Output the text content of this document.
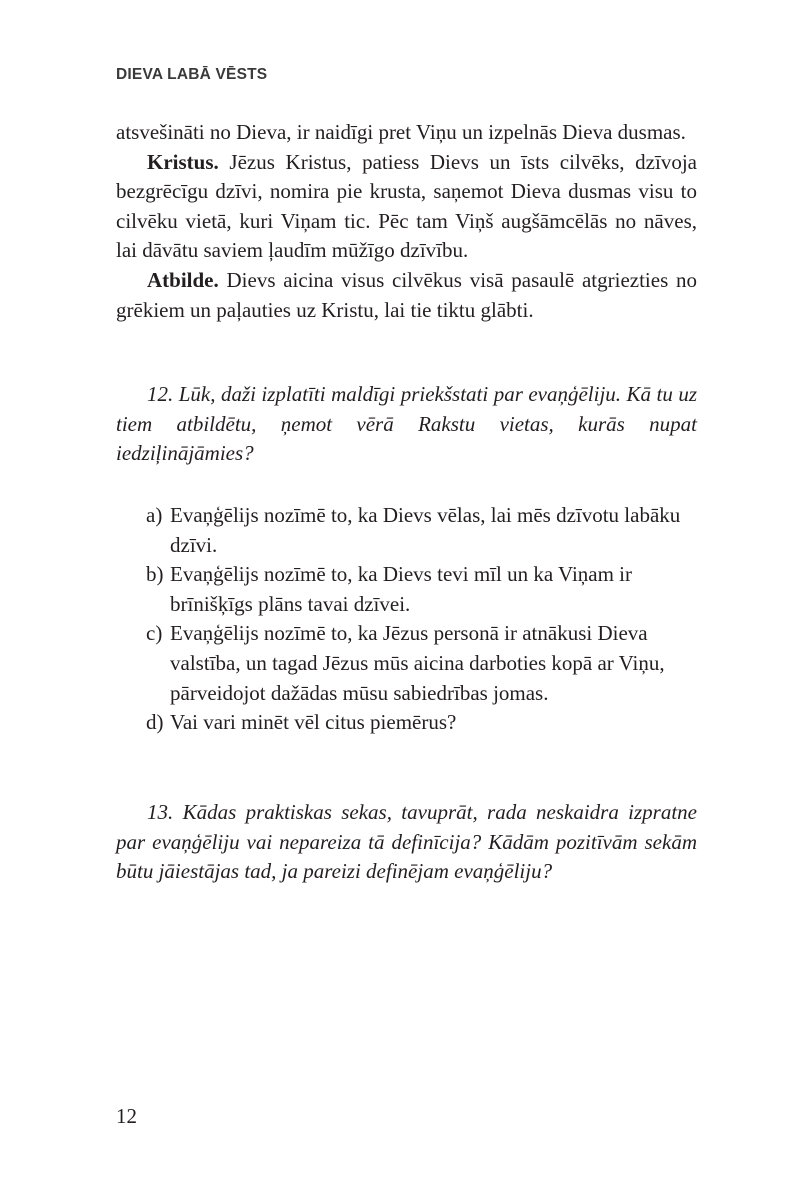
DIEVA LABĀ VĒSTS

atsvešināti no Dieva, ir naidīgi pret Viņu un izpelnās Dieva dusmas.

Kristus. Jēzus Kristus, patiess Dievs un īsts cilvēks, dzīvoja bezgrēcīgu dzīvi, nomira pie krusta, saņemot Dieva dusmas visu to cilvēku vietā, kuri Viņam tic. Pēc tam Viņš augšāmcēlās no nāves, lai dāvātu saviem ļaudīm mūžīgo dzīvību.

Atbilde. Dievs aicina visus cilvēkus visā pasaulē atgriezties no grēkiem un paļauties uz Kristu, lai tie tiktu glābti.

12. Lūk, daži izplatīti maldīgi priekšstati par evaņģēliju. Kā tu uz tiem atbildētu, ņemot vērā Rakstu vietas, kurās nupat iedziļinājāmies?

a) Evaņģēlijs nozīmē to, ka Dievs vēlas, lai mēs dzīvotu labāku dzīvi.
b) Evaņģēlijs nozīmē to, ka Dievs tevi mīl un ka Viņam ir brīnišķīgs plāns tavai dzīvei.
c) Evaņģēlijs nozīmē to, ka Jēzus personā ir atnākusi Dieva valstība, un tagad Jēzus mūs aicina darboties kopā ar Viņu, pārveidojot dažādas mūsu sabiedrības jomas.
d) Vai vari minēt vēl citus piemērus?

13. Kādas praktiskas sekas, tavuprāt, rada neskaidra izpratne par evaņģēliju vai nepareiza tā definīcija? Kādām pozitīvām sekām būtu jāiestājas tad, ja pareizi definējam evaņģēliju?

12
